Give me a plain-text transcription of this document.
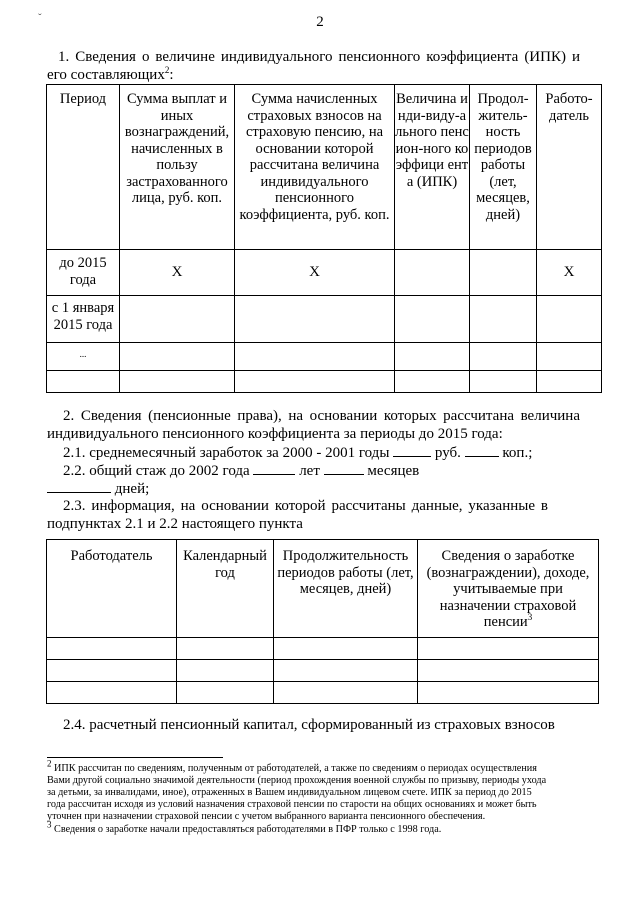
2
ˇ
1. Сведения о величине индивидуального пенсионного коэффициента (ИПК) и
его составляющих$^2$:
Период	Сумма выплат и иных вознаграждений, начисленных в пользу застрахованного лица, руб. коп.	Сумма начисленных страховых взносов на страховую пенсию, на основании которой рассчитана величина индивидуального пенсионного коэффициента, руб. коп.	Величина инди-виду-ального пенсион-ного коэффици ента (ИПК)	Продол-житель-ность периодов работы (лет, месяцев, дней)	Работо-датель
до 2015 года	X	X			X
с 1 января 2015 года					
...					

2. Сведения (пенсионные права), на основании которых рассчитана величина
индивидуального пенсионного коэффициента за периоды до 2015 года:
2.1. среднемесячный заработок за 2000 - 2001 годы	руб.	коп.;
2.2. общий стаж до 2002 года	лет	месяцев
дней;
2.3. информация, на основании которой рассчитаны данные, указанные в
подпунктах 2.1 и 2.2 настоящего пункта
Работодатель	Календарный год	Продолжительность периодов работы (лет, месяцев, дней)	Сведения о заработке (вознаграждении), доходе, учитываемые при назначении страховой пенсии$^3$

2.4. расчетный пенсионный капитал, сформированный из страховых взносов
$^2$ ИПК рассчитан по сведениям, полученным от работодателей, а также по сведениям о периодах осуществления
Вами другой социально значимой деятельности (период прохождения военной службы по призыву, периоды ухода
за детьми, за инвалидами, иное), отраженных в Вашем индивидуальном лицевом счете. ИПК за период до 2015
года рассчитан исходя из условий назначения страховой пенсии по старости на общих основаниях и может быть
уточнен при назначении страховой пенсии с учетом выбранного варианта пенсионного обеспечения.
$^3$ Сведения о заработке начали предоставляться работодателями в ПФР только с 1998 года.
